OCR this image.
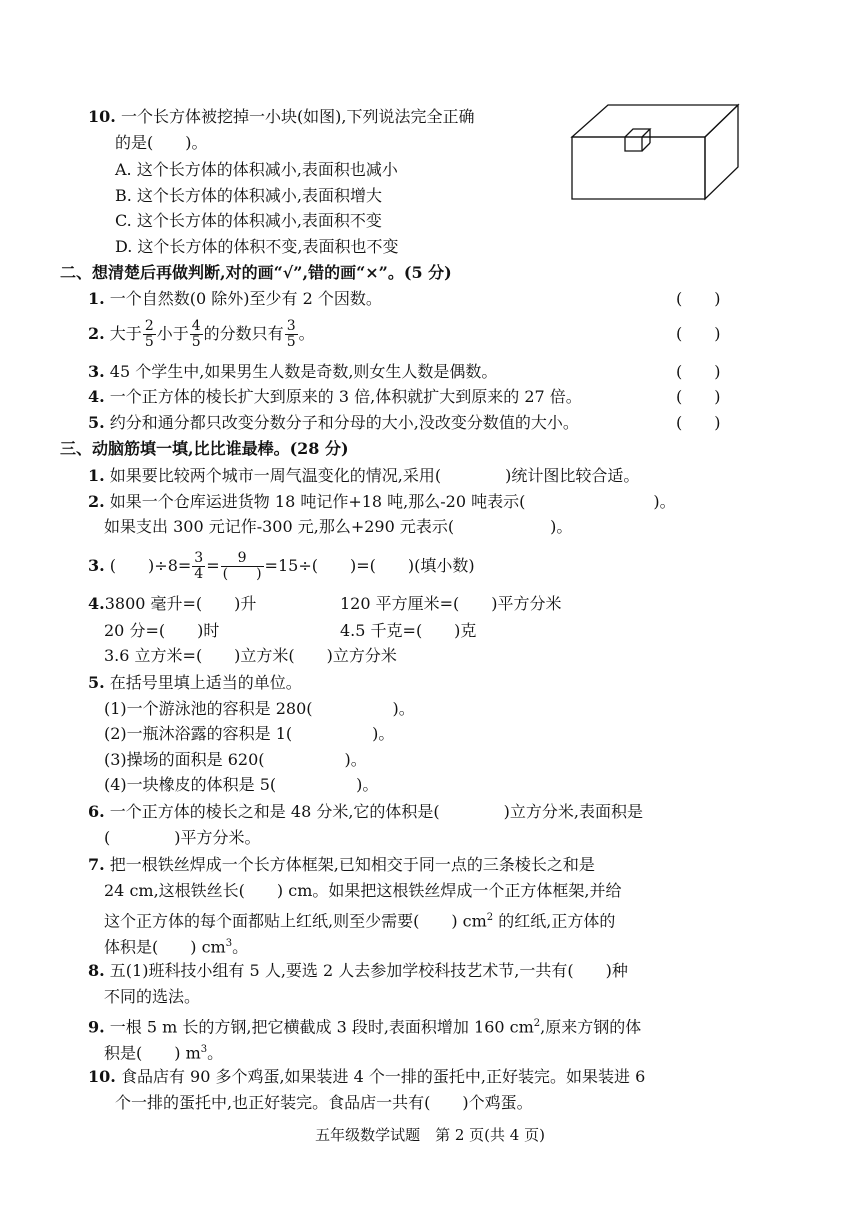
10. 一个长方体被挖掉一小块(如图),下列说法完全正确
的是(　　)。
A. 这个长方体的体积减小,表面积也减小
B. 这个长方体的体积减小,表面积增大
C. 这个长方体的体积减小,表面积不变
D. 这个长方体的体积不变,表面积也不变
二、想清楚后再做判断,对的画“√”,错的画“×”。(5 分)
1. 一个自然数(0 除外)至少有 2 个因数。	(　　)
2. 大于 $\frac{2}{5}$ 小于 $\frac{4}{5}$ 的分数只有 $\frac{3}{5}$ 。	(　　)
3. 45 个学生中,如果男生人数是奇数,则女生人数是偶数。	(　　)
4. 一个正方体的棱长扩大到原来的 3 倍,体积就扩大到原来的 27 倍。	(　　)
5. 约分和通分都只改变分数分子和分母的大小,没改变分数值的大小。	(　　)
三、动脑筋填一填,比比谁最棒。(28 分)
1. 如果要比较两个城市一周气温变化的情况,采用(　　　　)统计图比较合适。
2. 如果一个仓库运进货物 18 吨记作+18 吨,那么-20 吨表示(　　　　　　　　)。
如果支出 300 元记作-300 元,那么+290 元表示(　　　　　　)。
3. (　　)$\div 8= \frac{3}{4} = \frac{9}{( )} =15\div$(　　)=(　　)(填小数)
4.3800 毫升=(　　)升	120 平方厘米=(　　)平方分米
20 分=(　　)时	4.5 千克=(　　)克
3.6 立方米=(　　)立方米(　　)立方分米
5. 在括号里填上适当的单位。
(1)一个游泳池的容积是 280(　　　　　)。
(2)一瓶沐浴露的容积是 1(　　　　　)。
(3)操场的面积是 620(　　　　　)。
(4)一块橡皮的体积是 5(　　　　　)。
6. 一个正方体的棱长之和是 48 分米,它的体积是(　　　　)立方分米,表面积是
(　　　　)平方分米。
7. 把一根铁丝焊成一个长方体框架,已知相交于同一点的三条棱长之和是
24 cm,这根铁丝长(　　) cm。如果把这根铁丝焊成一个正方体框架,并给
这个正方体的每个面都贴上红纸,则至少需要(　　) $cm^2$ 的红纸,正方体的
体积是(　　) $cm^3$。
8. 五(1)班科技小组有 5 人,要选 2 人去参加学校科技艺术节,一共有(　　)种
不同的选法。
9. 一根 5 m 长的方钢,把它横截成 3 段时,表面积增加 160 $cm^2$,原来方钢的体
积是(　　) $m^3$。
10. 食品店有 90 多个鸡蛋,如果装进 4 个一排的蛋托中,正好装完。如果装进 6
个一排的蛋托中,也正好装完。食品店一共有(　　)个鸡蛋。
五年级数学试题　第 2 页(共 4 页)
